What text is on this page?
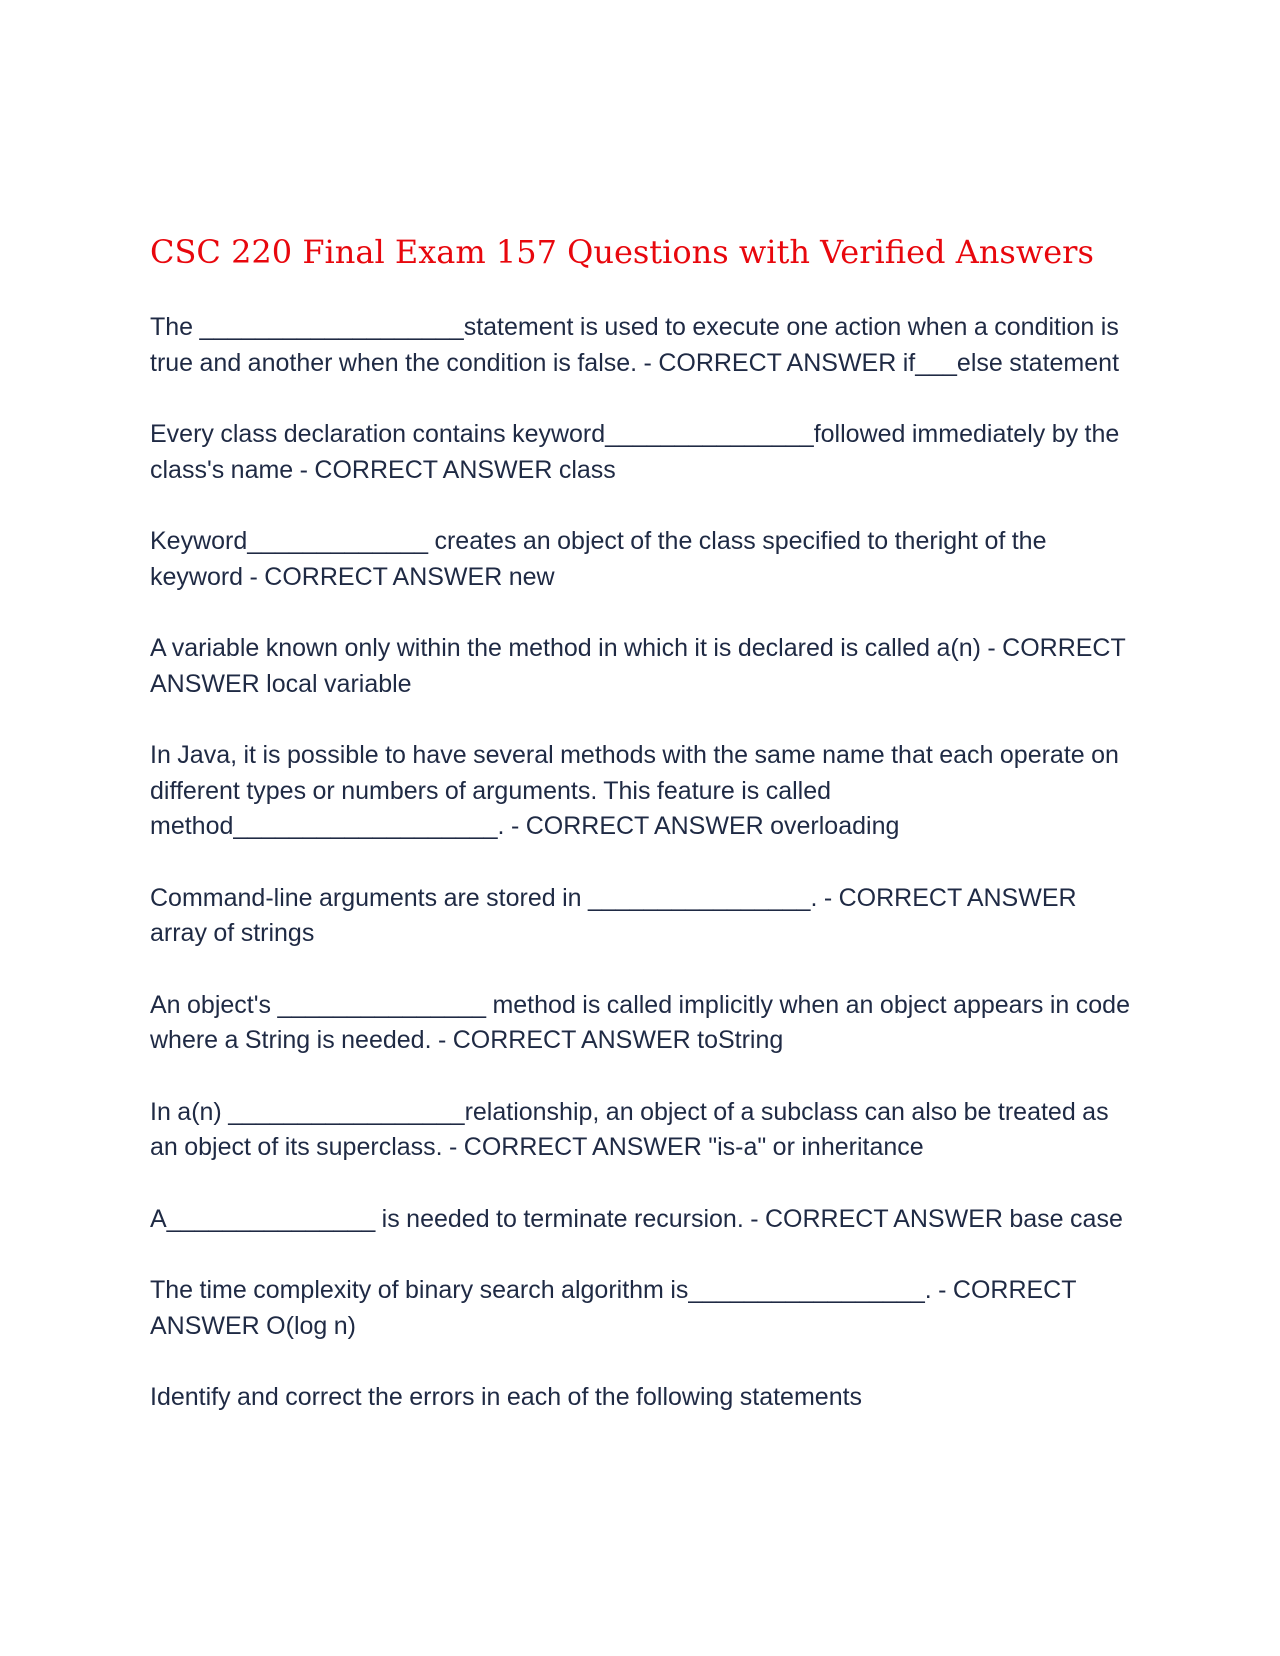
CSC 220 Final Exam 157 Questions with Verified Answers

The ___________________statement is used to execute one action when a condition is true and another when the condition is false. - CORRECT ANSWER if___else statement

Every class declaration contains keyword_______________followed immediately by the class's name - CORRECT ANSWER class

Keyword_____________ creates an object of the class specified to theright of the keyword - CORRECT ANSWER new

A variable known only within the method in which it is declared is called a(n) - CORRECT ANSWER local variable

In Java, it is possible to have several methods with the same name that each operate on different types or numbers of arguments. This feature is called method___________________. - CORRECT ANSWER overloading

Command-line arguments are stored in ________________. - CORRECT ANSWER array of strings

An object's _______________ method is called implicitly when an object appears in code where a String is needed. - CORRECT ANSWER toString

In a(n) _________________relationship, an object of a subclass can also be treated as an object of its superclass. - CORRECT ANSWER "is-a" or inheritance

A_______________ is needed to terminate recursion. - CORRECT ANSWER base case

The time complexity of binary search algorithm is_________________. - CORRECT ANSWER O(log n)

Identify and correct the errors in each of the following statements
